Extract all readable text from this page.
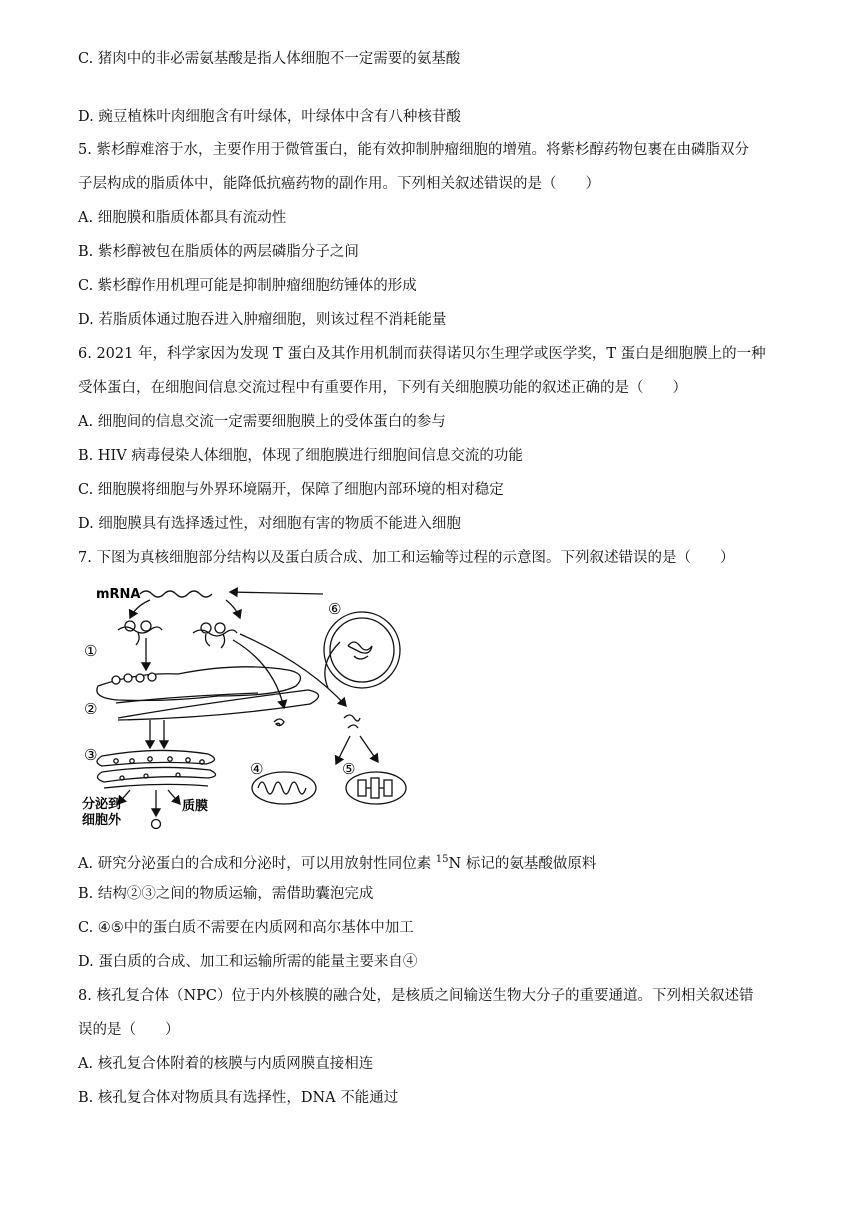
C. 猪肉中的非必需氨基酸是指人体细胞不一定需要的氨基酸
D. 豌豆植株叶肉细胞含有叶绿体，叶绿体中含有八种核苷酸
5. 紫杉醇难溶于水，主要作用于微管蛋白，能有效抑制肿瘤细胞的增殖。将紫杉醇药物包裹在由磷脂双分
子层构成的脂质体中，能降低抗癌药物的副作用。下列相关叙述错误的是（　　）
A. 细胞膜和脂质体都具有流动性
B. 紫杉醇被包在脂质体的两层磷脂分子之间
C. 紫杉醇作用机理可能是抑制肿瘤细胞纺锤体的形成
D. 若脂质体通过胞吞进入肿瘤细胞，则该过程不消耗能量
6. 2021 年，科学家因为发现 T 蛋白及其作用机制而获得诺贝尔生理学或医学奖，T 蛋白是细胞膜上的一种
受体蛋白，在细胞间信息交流过程中有重要作用，下列有关细胞膜功能的叙述正确的是（　　）
A. 细胞间的信息交流一定需要细胞膜上的受体蛋白的参与
B. HIV 病毒侵染人体细胞，体现了细胞膜进行细胞间信息交流的功能
C. 细胞膜将细胞与外界环境隔开，保障了细胞内部环境的相对稳定
D. 细胞膜具有选择透过性，对细胞有害的物质不能进入细胞
7. 下图为真核细胞部分结构以及蛋白质合成、加工和运输等过程的示意图。下列叙述错误的是（　　）
mRNA
①
②
③
④	⑤
⑥
分泌到
细胞外
质膜
A. 研究分泌蛋白的合成和分泌时，可以用放射性同位素 $^{15}$N 标记的氨基酸做原料
B. 结构②③之间的物质运输，需借助囊泡完成
C. ④⑤中的蛋白质不需要在内质网和高尔基体中加工
D. 蛋白质的合成、加工和运输所需的能量主要来自④
8. 核孔复合体（NPC）位于内外核膜的融合处，是核质之间输送生物大分子的重要通道。下列相关叙述错
误的是（　　）
A. 核孔复合体附着的核膜与内质网膜直接相连
B. 核孔复合体对物质具有选择性，DNA 不能通过
